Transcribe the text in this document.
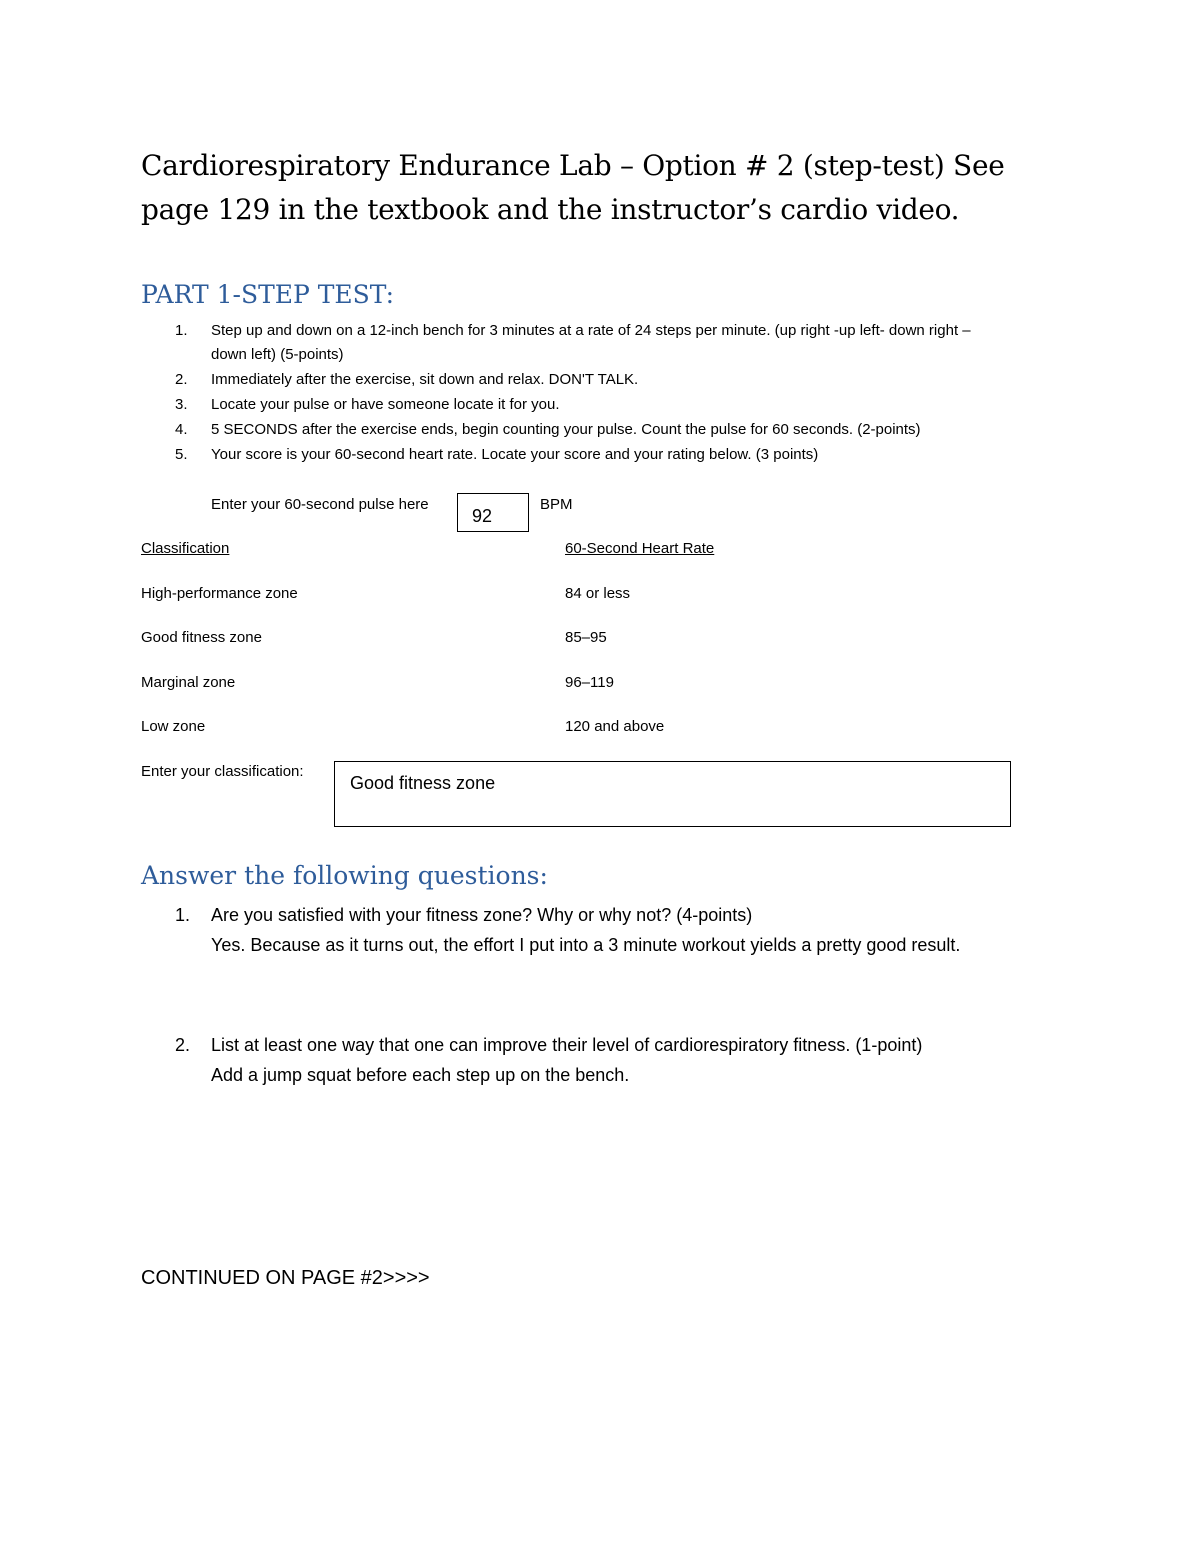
Cardiorespiratory Endurance Lab – Option # 2 (step-test) See page 129 in the textbook and the instructor’s cardio video.
PART 1-STEP TEST:
1. Step up and down on a 12-inch bench for 3 minutes at a rate of 24 steps per minute. (up right -up left- down right –
down left) (5-points)
2. Immediately after the exercise, sit down and relax. DON'T TALK.
3. Locate your pulse or have someone locate it for you.
4. 5 SECONDS after the exercise ends, begin counting your pulse. Count the pulse for 60 seconds. (2-points)
5. Your score is your 60-second heart rate. Locate your score and your rating below. (3 points)
Enter your 60-second pulse here
92
BPM
Classification	60-Second Heart Rate
High-performance zone	84 or less
Good fitness zone	85–95
Marginal zone	96–119
Low zone	120 and above
Enter your classification:
Good fitness zone
Answer the following questions:
1. Are you satisfied with your fitness zone? Why or why not? (4-points)
Yes. Because as it turns out, the effort I put into a 3 minute workout yields a pretty good result.
2. List at least one way that one can improve their level of cardiorespiratory fitness. (1-point)
Add a jump squat before each step up on the bench.
CONTINUED ON PAGE #2>>>>
